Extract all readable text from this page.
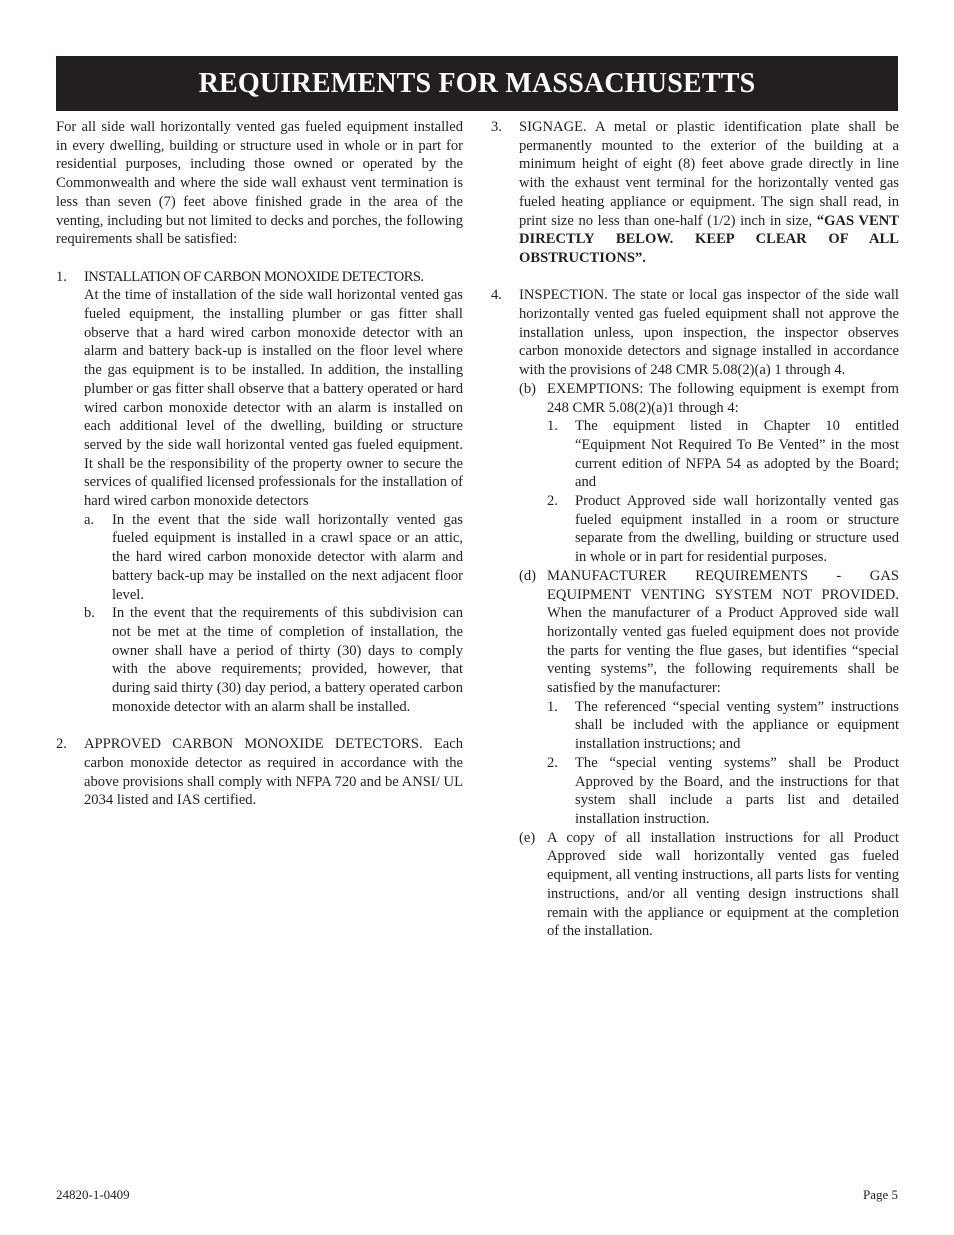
REQUIREMENTS FOR MASSACHUSETTS

For all side wall horizontally vented gas fueled equipment installed in every dwelling, building or structure used in whole or in part for residential purposes, including those owned or operated by the Commonwealth and where the side wall exhaust vent termination is less than seven (7) feet above finished grade in the area of the venting, including but not limited to decks and porches, the following requirements shall be satisfied:

1. INSTALLATION OF CARBON MONOXIDE DETECTORS.
At the time of installation of the side wall horizontal vented gas fueled equipment, the installing plumber or gas fitter shall observe that a hard wired carbon monoxide detector with an alarm and battery back-up is installed on the floor level where the gas equipment is to be installed. In addition, the installing plumber or gas fitter shall observe that a battery operated or hard wired carbon monoxide detector with an alarm is installed on each additional level of the dwelling, building or structure served by the side wall horizontal vented gas fueled equipment. It shall be the responsibility of the property owner to secure the services of qualified licensed professionals for the installation of hard wired carbon monoxide detectors
a. In the event that the side wall horizontally vented gas fueled equipment is installed in a crawl space or an attic, the hard wired carbon monoxide detector with alarm and battery back-up may be installed on the next adjacent floor level.
b. In the event that the requirements of this subdivision can not be met at the time of completion of installation, the owner shall have a period of thirty (30) days to comply with the above requirements; provided, however, that during said thirty (30) day period, a battery operated carbon monoxide detector with an alarm shall be installed.
2. APPROVED CARBON MONOXIDE DETECTORS. Each carbon monoxide detector as required in accordance with the above provisions shall comply with NFPA 720 and be ANSI/ UL 2034 listed and IAS certified.
3. SIGNAGE. A metal or plastic identification plate shall be permanently mounted to the exterior of the building at a minimum height of eight (8) feet above grade directly in line with the exhaust vent terminal for the horizontally vented gas fueled heating appliance or equipment. The sign shall read, in print size no less than one-half (1/2) inch in size, “GAS VENT DIRECTLY BELOW. KEEP CLEAR OF ALL OBSTRUCTIONS”.
4. INSPECTION. The state or local gas inspector of the side wall horizontally vented gas fueled equipment shall not approve the installation unless, upon inspection, the inspector observes carbon monoxide detectors and signage installed in accordance with the provisions of 248 CMR 5.08(2)(a) 1 through 4.
(b) EXEMPTIONS: The following equipment is exempt from 248 CMR 5.08(2)(a)1 through 4:
1. The equipment listed in Chapter 10 entitled “Equipment Not Required To Be Vented” in the most current edition of NFPA 54 as adopted by the Board; and
2. Product Approved side wall horizontally vented gas fueled equipment installed in a room or structure separate from the dwelling, building or structure used in whole or in part for residential purposes.
(d) MANUFACTURER REQUIREMENTS - GAS EQUIPMENT VENTING SYSTEM NOT PROVIDED. When the manufacturer of a Product Approved side wall horizontally vented gas fueled equipment does not provide the parts for venting the flue gases, but identifies “special venting systems”, the following requirements shall be satisfied by the manufacturer:
1. The referenced “special venting system” instructions shall be included with the appliance or equipment installation instructions; and
2. The “special venting systems” shall be Product Approved by the Board, and the instructions for that system shall include a parts list and detailed installation instruction.
(e) A copy of all installation instructions for all Product Approved side wall horizontally vented gas fueled equipment, all venting instructions, all parts lists for venting instructions, and/or all venting design instructions shall remain with the appliance or equipment at the completion of the installation.
24820-1-0409	Page 5
